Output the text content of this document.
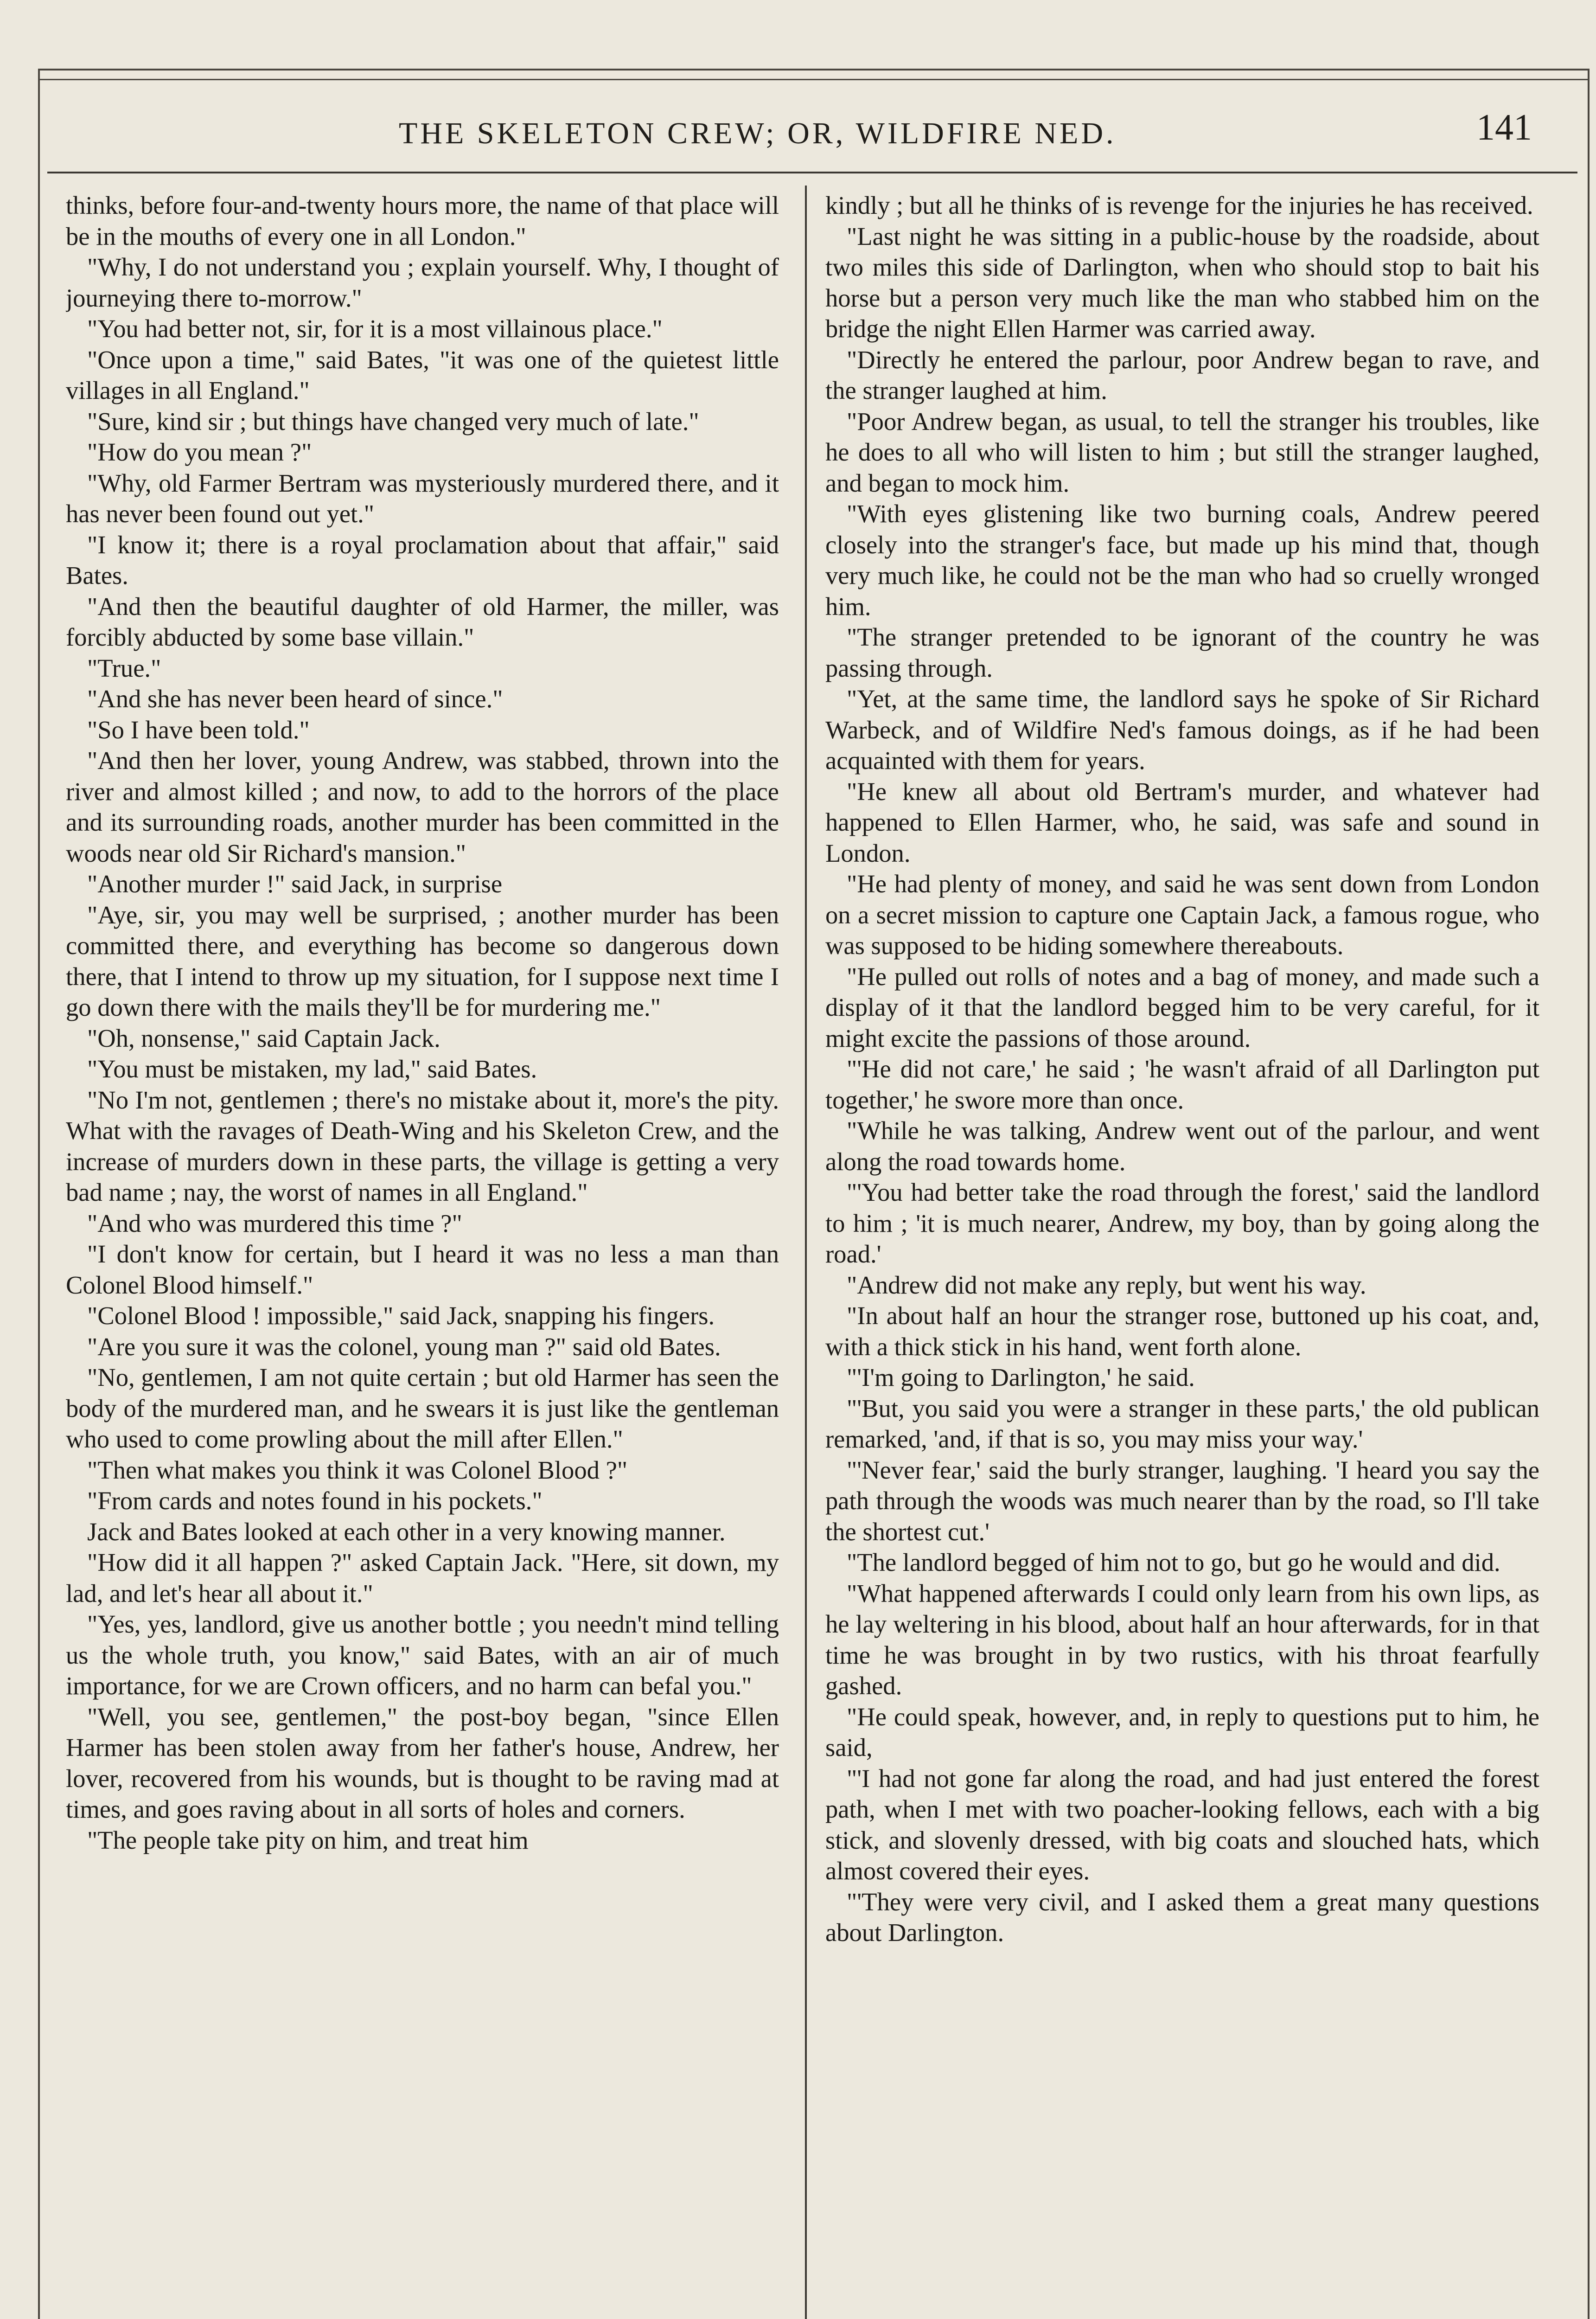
THE SKELETON CREW; OR, WILDFIRE NED.	141

thinks, before four-and-twenty hours more, the name of that place will be in the mouths of every one in all London."

"Why, I do not understand you ; explain yourself. Why, I thought of journeying there to-morrow."

"You had better not, sir, for it is a most villainous place."

"Once upon a time," said Bates, "it was one of the quietest little villages in all England."

"Sure, kind sir ; but things have changed very much of late."

"How do you mean ?"

"Why, old Farmer Bertram was mysteriously murdered there, and it has never been found out yet."

"I know it; there is a royal proclamation about that affair," said Bates.

"And then the beautiful daughter of old Harmer, the miller, was forcibly abducted by some base villain."

"True."

"And she has never been heard of since."

"So I have been told."

"And then her lover, young Andrew, was stabbed, thrown into the river and almost killed ; and now, to add to the horrors of the place and its surrounding roads, another murder has been committed in the woods near old Sir Richard's mansion."

"Another murder !" said Jack, in surprise

"Aye, sir, you may well be surprised, ; another murder has been committed there, and everything has become so dangerous down there, that I intend to throw up my situation, for I suppose next time I go down there with the mails they'll be for murdering me."

"Oh, nonsense," said Captain Jack.

"You must be mistaken, my lad," said Bates.

"No I'm not, gentlemen ; there's no mistake about it, more's the pity. What with the ravages of Death-Wing and his Skeleton Crew, and the increase of murders down in these parts, the village is getting a very bad name ; nay, the worst of names in all England."

"And who was murdered this time ?"

"I don't know for certain, but I heard it was no less a man than Colonel Blood himself."

"Colonel Blood ! impossible," said Jack, snapping his fingers.

"Are you sure it was the colonel, young man ?" said old Bates.

"No, gentlemen, I am not quite certain ; but old Harmer has seen the body of the murdered man, and he swears it is just like the gentleman who used to come prowling about the mill after Ellen."

"Then what makes you think it was Colonel Blood ?"

"From cards and notes found in his pockets."

Jack and Bates looked at each other in a very knowing manner.

"How did it all happen ?" asked Captain Jack. "Here, sit down, my lad, and let's hear all about it."

"Yes, yes, landlord, give us another bottle ; you needn't mind telling us the whole truth, you know," said Bates, with an air of much importance, for we are Crown officers, and no harm can befal you."

"Well, you see, gentlemen," the post-boy began, "since Ellen Harmer has been stolen away from her father's house, Andrew, her lover, recovered from his wounds, but is thought to be raving mad at times, and goes raving about in all sorts of holes and corners.

"The people take pity on him, and treat him

kindly ; but all he thinks of is revenge for the injuries he has received.

"Last night he was sitting in a public-house by the roadside, about two miles this side of Darlington, when who should stop to bait his horse but a person very much like the man who stabbed him on the bridge the night Ellen Harmer was carried away.

"Directly he entered the parlour, poor Andrew began to rave, and the stranger laughed at him.

"Poor Andrew began, as usual, to tell the stranger his troubles, like he does to all who will listen to him ; but still the stranger laughed, and began to mock him.

"With eyes glistening like two burning coals, Andrew peered closely into the stranger's face, but made up his mind that, though very much like, he could not be the man who had so cruelly wronged him.

"The stranger pretended to be ignorant of the country he was passing through.

"Yet, at the same time, the landlord says he spoke of Sir Richard Warbeck, and of Wildfire Ned's famous doings, as if he had been acquainted with them for years.

"He knew all about old Bertram's murder, and whatever had happened to Ellen Harmer, who, he said, was safe and sound in London.

"He had plenty of money, and said he was sent down from London on a secret mission to capture one Captain Jack, a famous rogue, who was supposed to be hiding somewhere thereabouts.

"He pulled out rolls of notes and a bag of money, and made such a display of it that the landlord begged him to be very careful, for it might excite the passions of those around.

"'He did not care,' he said ; 'he wasn't afraid of all Darlington put together,' he swore more than once.

"While he was talking, Andrew went out of the parlour, and went along the road towards home.

"'You had better take the road through the forest,' said the landlord to him ; 'it is much nearer, Andrew, my boy, than by going along the road.'

"Andrew did not make any reply, but went his way.

"In about half an hour the stranger rose, buttoned up his coat, and, with a thick stick in his hand, went forth alone.

"'I'm going to Darlington,' he said.

"'But, you said you were a stranger in these parts,' the old publican remarked, 'and, if that is so, you may miss your way.'

"'Never fear,' said the burly stranger, laughing. 'I heard you say the path through the woods was much nearer than by the road, so I'll take the shortest cut.'

"The landlord begged of him not to go, but go he would and did.

"What happened afterwards I could only learn from his own lips, as he lay weltering in his blood, about half an hour afterwards, for in that time he was brought in by two rustics, with his throat fearfully gashed.

"He could speak, however, and, in reply to questions put to him, he said,

"'I had not gone far along the road, and had just entered the forest path, when I met with two poacher-looking fellows, each with a big stick, and slovenly dressed, with big coats and slouched hats, which almost covered their eyes.

"'They were very civil, and I asked them a great many questions about Darlington.
